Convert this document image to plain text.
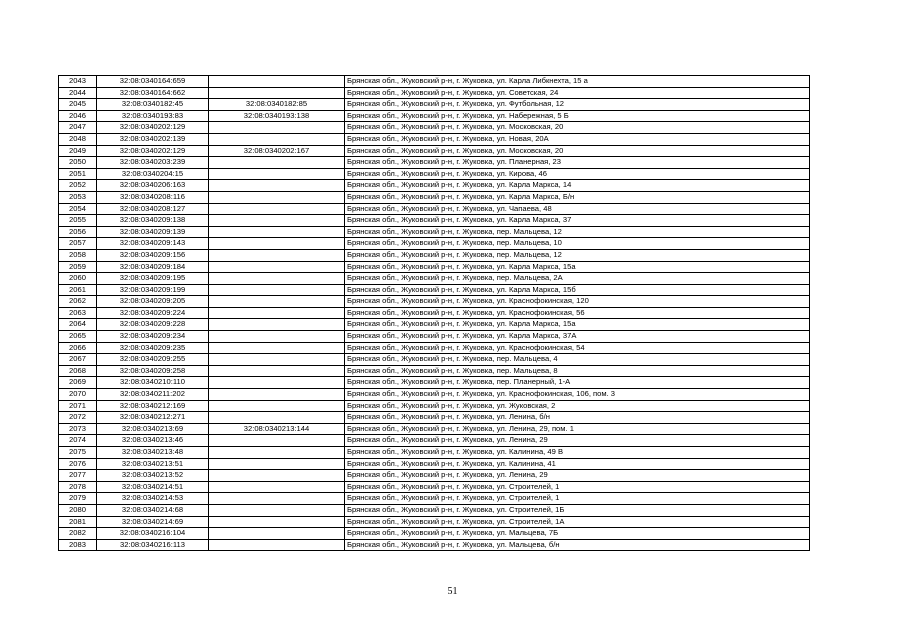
2043	32:08:0340164:659		Брянская обл., Жуковский р-н, г. Жуковка, ул. Карла Либкнехта, 15 а
2044	32:08:0340164:662		Брянская обл., Жуковский р-н, г. Жуковка, ул. Советская, 24
2045	32:08:0340182:45	32:08:0340182:85	Брянская обл., Жуковский р-н, г. Жуковка, ул. Футбольная, 12
2046	32:08:0340193:83	32:08:0340193:138	Брянская обл., Жуковский р-н, г. Жуковка, ул. Набережная, 5 Б
2047	32:08:0340202:129		Брянская обл., Жуковский р-н, г. Жуковка, ул. Московская, 20
2048	32:08:0340202:139		Брянская обл., Жуковский р-н, г. Жуковка, ул. Новая, 20А
2049	32:08:0340202:129	32:08:0340202:167	Брянская обл., Жуковский р-н, г. Жуковка, ул. Московская, 20
2050	32:08:0340203:239		Брянская обл., Жуковский р-н, г. Жуковка, ул. Планерная, 23
2051	32:08:0340204:15		Брянская обл., Жуковский р-н, г. Жуковка, ул. Кирова, 46
2052	32:08:0340206:163		Брянская обл., Жуковский р-н, г. Жуковка, ул. Карла Маркса, 14
2053	32:08:0340208:116		Брянская обл., Жуковский р-н, г. Жуковка, ул. Карла Маркса, Б/н
2054	32:08:0340208:127		Брянская обл., Жуковский р-н, г. Жуковка, ул. Чапаева, 48
2055	32:08:0340209:138		Брянская обл., Жуковский р-н, г. Жуковка, ул. Карла Маркса, 37
2056	32:08:0340209:139		Брянская обл., Жуковский р-н, г. Жуковка, пер. Мальцева, 12
2057	32:08:0340209:143		Брянская обл., Жуковский р-н, г. Жуковка, пер. Мальцева, 10
2058	32:08:0340209:156		Брянская обл., Жуковский р-н, г. Жуковка, пер. Мальцева, 12
2059	32:08:0340209:184		Брянская обл., Жуковский р-н, г. Жуковка, ул. Карла Маркса, 15а
2060	32:08:0340209:195		Брянская обл., Жуковский р-н, г. Жуковка, пер. Мальцева, 2А
2061	32:08:0340209:199		Брянская обл., Жуковский р-н, г. Жуковка, ул. Карла Маркса, 15б
2062	32:08:0340209:205		Брянская обл., Жуковский р-н, г. Жуковка, ул. Краснофокинская, 120
2063	32:08:0340209:224		Брянская обл., Жуковский р-н, г. Жуковка, ул. Краснофокинская, 56
2064	32:08:0340209:228		Брянская обл., Жуковский р-н, г. Жуковка, ул. Карла Маркса, 15а
2065	32:08:0340209:234		Брянская обл., Жуковский р-н, г. Жуковка, ул. Карла Маркса, 37А
2066	32:08:0340209:235		Брянская обл., Жуковский р-н, г. Жуковка, ул. Краснофокинская, 54
2067	32:08:0340209:255		Брянская обл., Жуковский р-н, г. Жуковка, пер. Мальцева, 4
2068	32:08:0340209:258		Брянская обл., Жуковский р-н, г. Жуковка, пер. Мальцева, 8
2069	32:08:0340210:110		Брянская обл., Жуковский р-н, г. Жуковка, пер. Планерный, 1-А
2070	32:08:0340211:202		Брянская обл., Жуковский р-н, г. Жуковка, ул. Краснофокинская, 106, пом. 3
2071	32:08:0340212:169		Брянская обл., Жуковский р-н, г. Жуковка, ул. Жуковская, 2
2072	32:08:0340212:271		Брянская обл., Жуковский р-н, г. Жуковка, ул. Ленина, б/н
2073	32:08:0340213:69	32:08:0340213:144	Брянская обл., Жуковский р-н, г. Жуковка, ул. Ленина, 29, пом. 1
2074	32:08:0340213:46		Брянская обл., Жуковский р-н, г. Жуковка, ул. Ленина, 29
2075	32:08:0340213:48		Брянская обл., Жуковский р-н, г. Жуковка, ул. Калинина, 49 В
2076	32:08:0340213:51		Брянская обл., Жуковский р-н, г. Жуковка, ул. Калинина, 41
2077	32:08:0340213:52		Брянская обл., Жуковский р-н, г. Жуковка, ул. Ленина, 29
2078	32:08:0340214:51		Брянская обл., Жуковский р-н, г. Жуковка, ул. Строителей, 1
2079	32:08:0340214:53		Брянская обл., Жуковский р-н, г. Жуковка, ул. Строителей, 1
2080	32:08:0340214:68		Брянская обл., Жуковский р-н, г. Жуковка, ул. Строителей, 1Б
2081	32:08:0340214:69		Брянская обл., Жуковский р-н, г. Жуковка, ул. Строителей, 1А
2082	32:08:0340216:104		Брянская обл., Жуковский р-н, г. Жуковка, ул. Мальцева, 7Б
2083	32:08:0340216:113		Брянская обл., Жуковский р-н, г. Жуковка, ул. Мальцева, б/н
51
